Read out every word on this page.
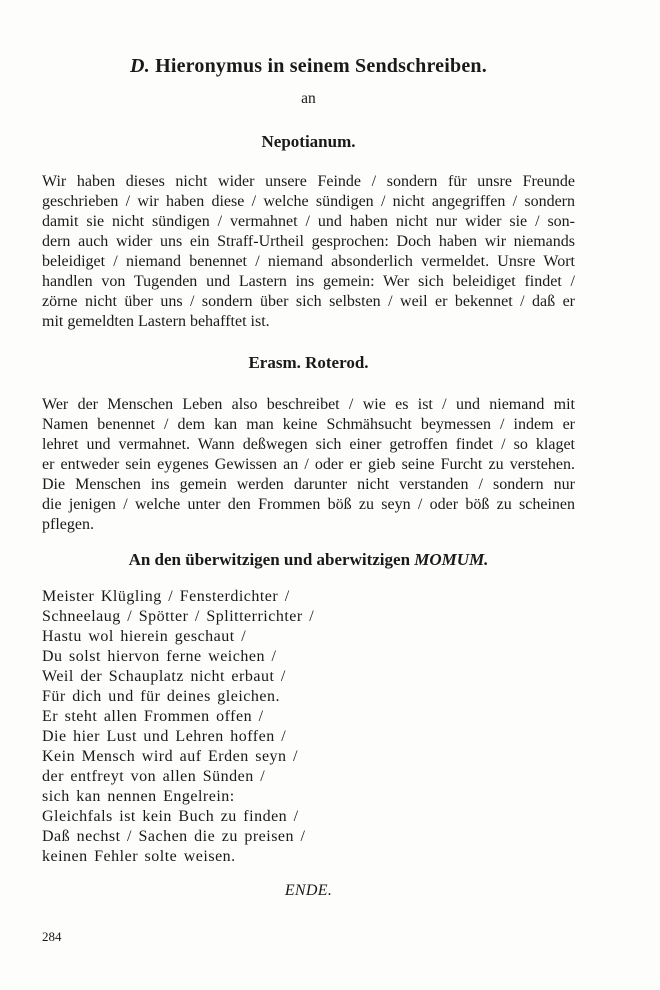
D. Hieronymus in seinem Sendschreiben.
an
Nepotianum.
Wir haben dieses nicht wider unsere Feinde / sondern für unsre Freunde
geschrieben / wir haben diese / welche sündigen / nicht angegriffen / sondern
damit sie nicht sündigen / vermahnet / und haben nicht nur wider sie / son-
dern auch wider uns ein Straff-Urtheil gesprochen: Doch haben wir niemands
beleidiget / niemand benennet / niemand absonderlich vermeldet. Unsre Wort
handlen von Tugenden und Lastern ins gemein: Wer sich beleidiget findet /
zörne nicht über uns / sondern über sich selbsten / weil er bekennet / daß er
mit gemeldten Lastern behafftet ist.
Erasm. Roterod.
Wer der Menschen Leben also beschreibet / wie es ist / und niemand mit
Namen benennet / dem kan man keine Schmähsucht beymessen / indem er
lehret und vermahnet. Wann deßwegen sich einer getroffen findet / so klaget
er entweder sein eygenes Gewissen an / oder er gieb seine Furcht zu verstehen.
Die Menschen ins gemein werden darunter nicht verstanden / sondern nur
die jenigen / welche unter den Frommen böß zu seyn / oder böß zu scheinen
pflegen.
An den überwitzigen und aberwitzigen MOMUM.
Meister Klügling / Fensterdichter /
Schneelaug / Spötter / Splitterrichter /
Hastu wol hierein geschaut /
Du solst hiervon ferne weichen /
Weil der Schauplatz nicht erbaut /
Für dich und für deines gleichen.
Er steht allen Frommen offen /
Die hier Lust und Lehren hoffen /
Kein Mensch wird auf Erden seyn /
der entfreyt von allen Sünden /
sich kan nennen Engelrein:
Gleichfals ist kein Buch zu finden /
Daß nechst / Sachen die zu preisen /
keinen Fehler solte weisen.
ENDE.
284
